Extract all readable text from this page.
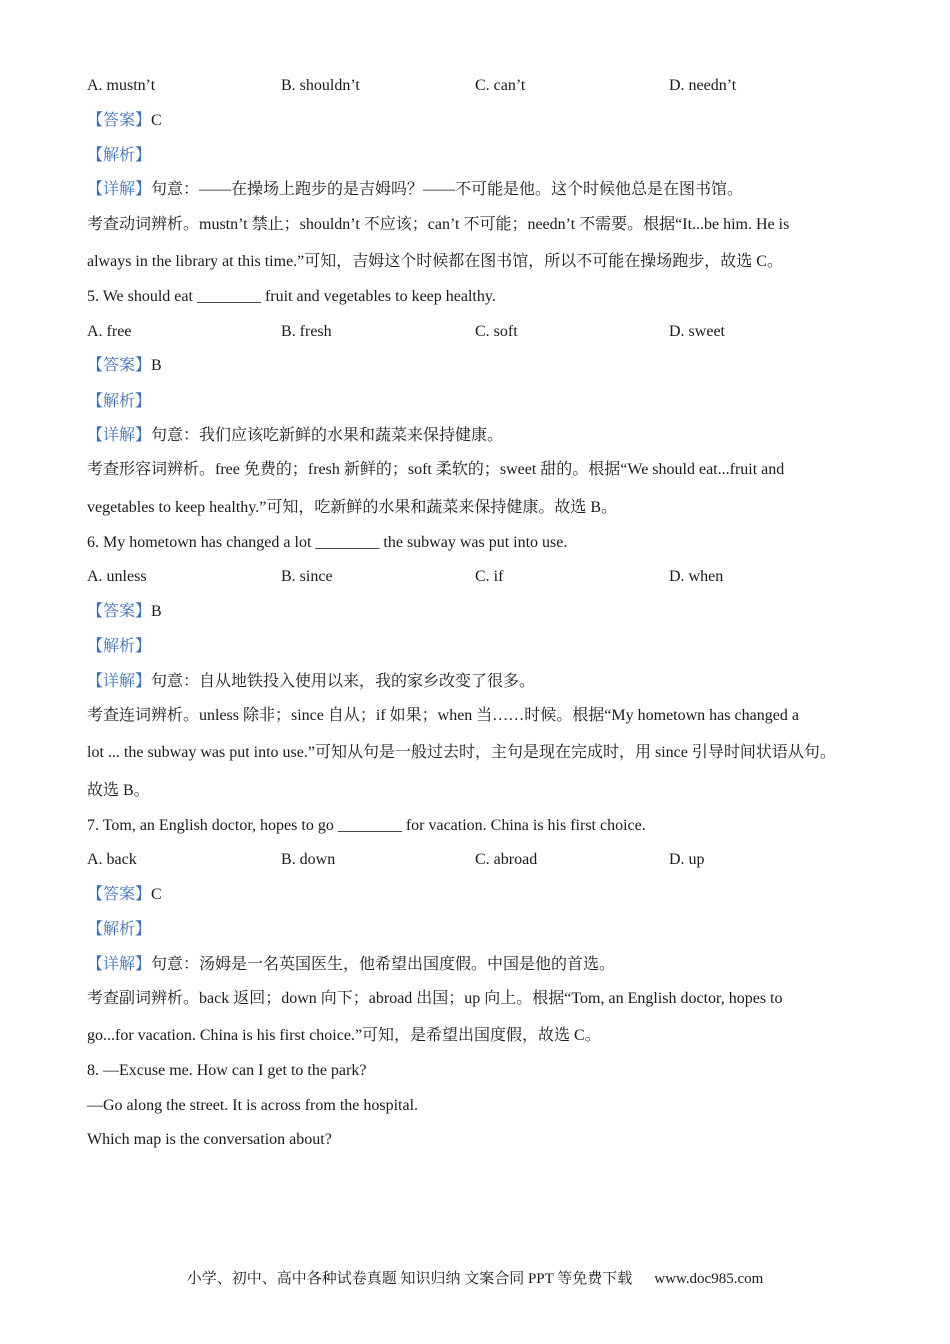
A. mustn’t	B. shouldn’t	C. can’t	D. needn’t
【答案】C
【解析】
【详解】句意：——在操场上跑步的是吉姆吗？——不可能是他。这个时候他总是在图书馆。
考查动词辨析。mustn’t 禁止；shouldn’t 不应该；can’t 不可能；needn’t 不需要。根据“It...be him. He is
always in the library at this time.”可知，吉姆这个时候都在图书馆，所以不可能在操场跑步，故选 C。
5. We should eat ________ fruit and vegetables to keep healthy.
A. free	B. fresh	C. soft	D. sweet
【答案】B
【解析】
【详解】句意：我们应该吃新鲜的水果和蔬菜来保持健康。
考查形容词辨析。free 免费的；fresh 新鲜的；soft 柔软的；sweet 甜的。根据“We should eat...fruit and
vegetables to keep healthy.”可知，吃新鲜的水果和蔬菜来保持健康。故选 B。
6. My hometown has changed a lot ________ the subway was put into use.
A. unless	B. since	C. if	D. when
【答案】B
【解析】
【详解】句意：自从地铁投入使用以来，我的家乡改变了很多。
考查连词辨析。unless 除非；since 自从；if 如果；when 当……时候。根据“My hometown has changed a
lot ... the subway was put into use.”可知从句是一般过去时，主句是现在完成时，用 since 引导时间状语从句。
故选 B。
7. Tom, an English doctor, hopes to go ________ for vacation. China is his first choice.
A. back	B. down	C. abroad	D. up
【答案】C
【解析】
【详解】句意：汤姆是一名英国医生，他希望出国度假。中国是他的首选。
考查副词辨析。back 返回；down 向下；abroad 出国；up 向上。根据“Tom, an English doctor, hopes to
go...for vacation. China is his first choice.”可知，是希望出国度假，故选 C。
8. —Excuse me. How can I get to the park?
—Go along the street. It is across from the hospital.
Which map is the conversation about?
小学、初中、高中各种试卷真题 知识归纳 文案合同 PPT 等免费下载 www.doc985.com
